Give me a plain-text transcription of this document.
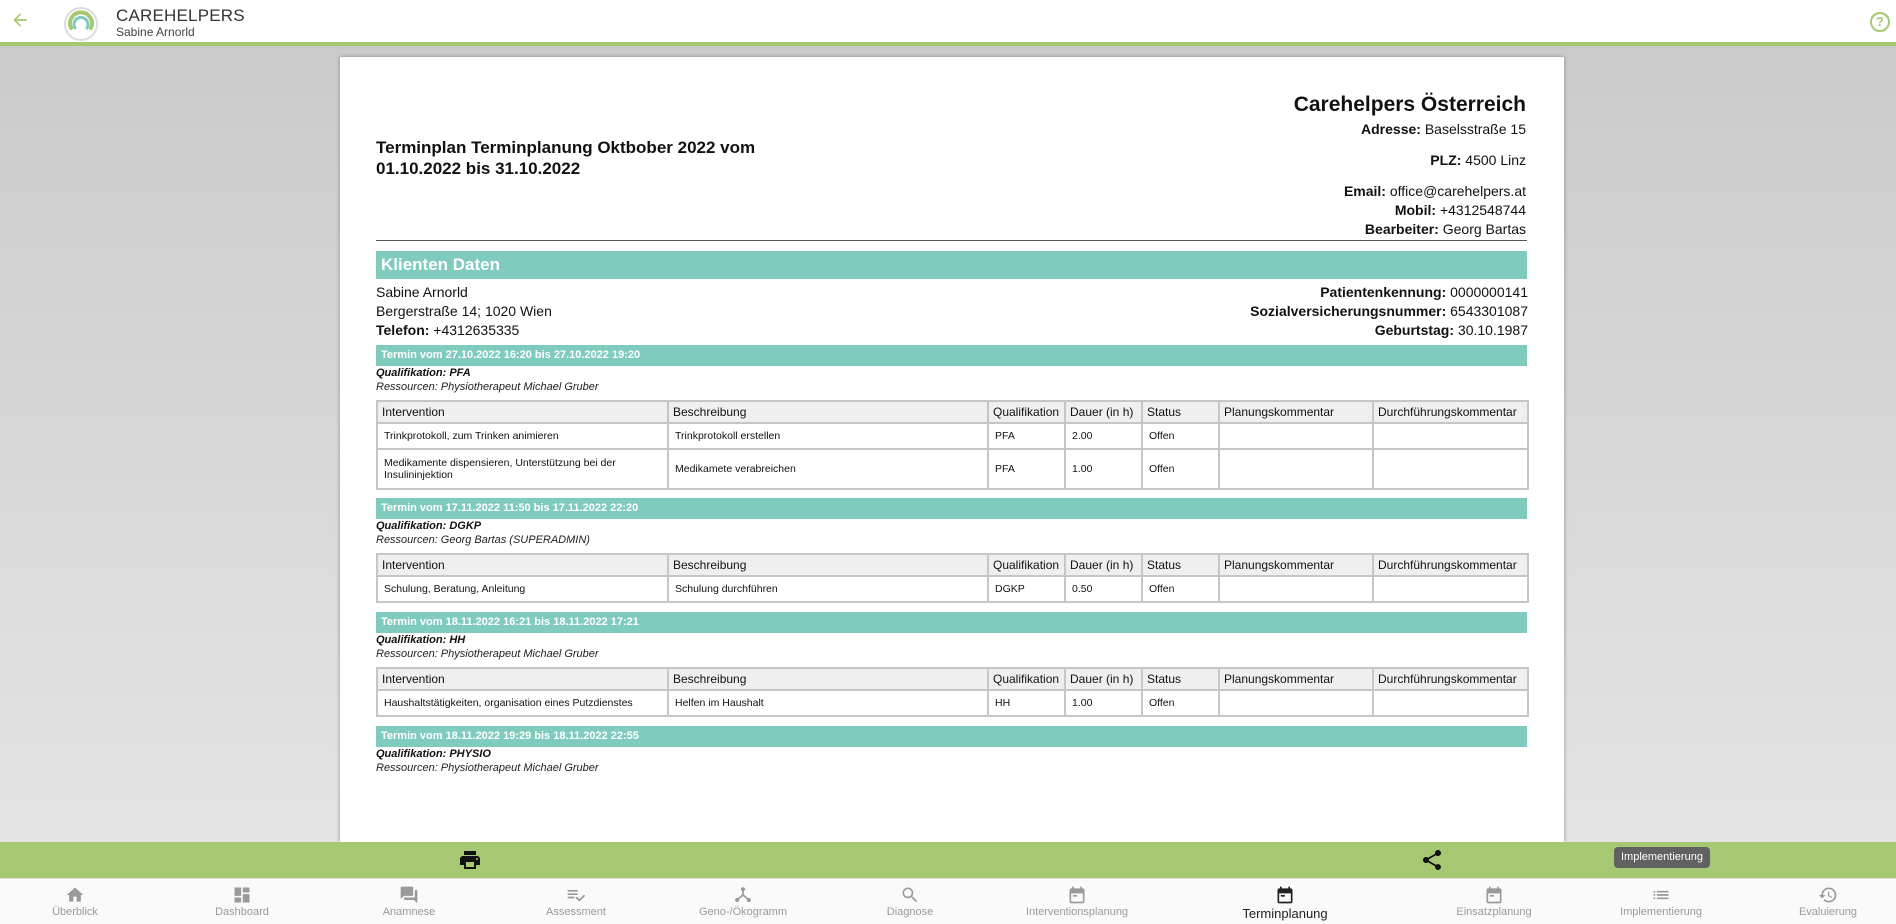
CAREHELPERS
Sabine Arnorld
?
Terminplan Terminplanung Oktbober 2022 vom 01.10.2022 bis 31.10.2022
Carehelpers Österreich
Adresse: Baselsstraße 15
PLZ: 4500 Linz
Email: office@carehelpers.at
Mobil: +4312548744
Bearbeiter: Georg Bartas
Klienten Daten
Sabine Arnorld
Bergerstraße 14; 1020 Wien
Telefon: +4312635335
Patientenkennung: 0000000141
Sozialversicherungsnummer: 6543301087
Geburtstag: 30.10.1987
Termin vom 27.10.2022 16:20 bis 27.10.2022 19:20
Qualifikation: PFA
Ressourcen: Physiotherapeut Michael Gruber
Intervention	Beschreibung	Qualifikation	Dauer (in h)	Status	Planungskommentar	Durchführungskommentar
Trinkprotokoll, zum Trinken animieren	Trinkprotokoll erstellen	PFA	2.00	Offen		
Medikamente dispensieren, Unterstützung bei der Insulininjektion	Medikamete verabreichen	PFA	1.00	Offen		
Termin vom 17.11.2022 11:50 bis 17.11.2022 22:20
Qualifikation: DGKP
Ressourcen: Georg Bartas (SUPERADMIN)
Intervention	Beschreibung	Qualifikation	Dauer (in h)	Status	Planungskommentar	Durchführungskommentar
Schulung, Beratung, Anleitung	Schulung durchführen	DGKP	0.50	Offen		
Termin vom 18.11.2022 16:21 bis 18.11.2022 17:21
Qualifikation: HH
Ressourcen: Physiotherapeut Michael Gruber
Intervention	Beschreibung	Qualifikation	Dauer (in h)	Status	Planungskommentar	Durchführungskommentar
Haushaltstätigkeiten, organisation eines Putzdienstes	Helfen im Haushalt	HH	1.00	Offen		
Termin vom 18.11.2022 19:29 bis 18.11.2022 22:55
Qualifikation: PHYSIO
Ressourcen: Physiotherapeut Michael Gruber
Implementierung
Überblick	Dashboard	Anamnese	Assessment	Geno-/Ökogramm	Diagnose	Interventionsplanung	Terminplanung	Einsatzplanung	Implementierung	Evaluierung
